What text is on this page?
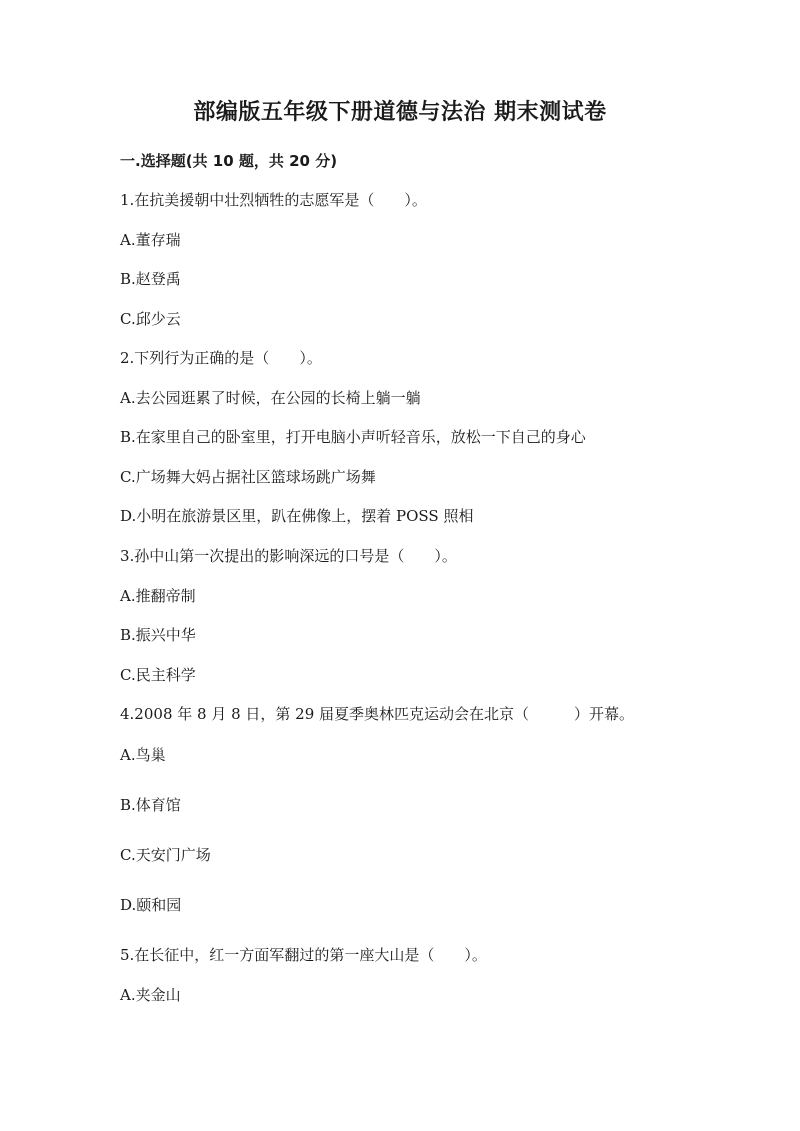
部编版五年级下册道德与法治 期末测试卷
一.选择题(共 10 题，共 20 分)
1.在抗美援朝中壮烈牺牲的志愿军是（　　）。
A.董存瑞
B.赵登禹
C.邱少云
2.下列行为正确的是（　　）。
A.去公园逛累了时候，在公园的长椅上躺一躺
B.在家里自己的卧室里，打开电脑小声听轻音乐，放松一下自己的身心
C.广场舞大妈占据社区篮球场跳广场舞
D.小明在旅游景区里，趴在佛像上，摆着 POSS 照相
3.孙中山第一次提出的影响深远的口号是（　　）。
A.推翻帝制
B.振兴中华
C.民主科学
4.2008 年 8 月 8 日，第 29 届夏季奥林匹克运动会在北京（　　　）开幕。
A.鸟巢
B.体育馆
C.天安门广场
D.颐和园
5.在长征中，红一方面军翻过的第一座大山是（　　）。
A.夹金山
